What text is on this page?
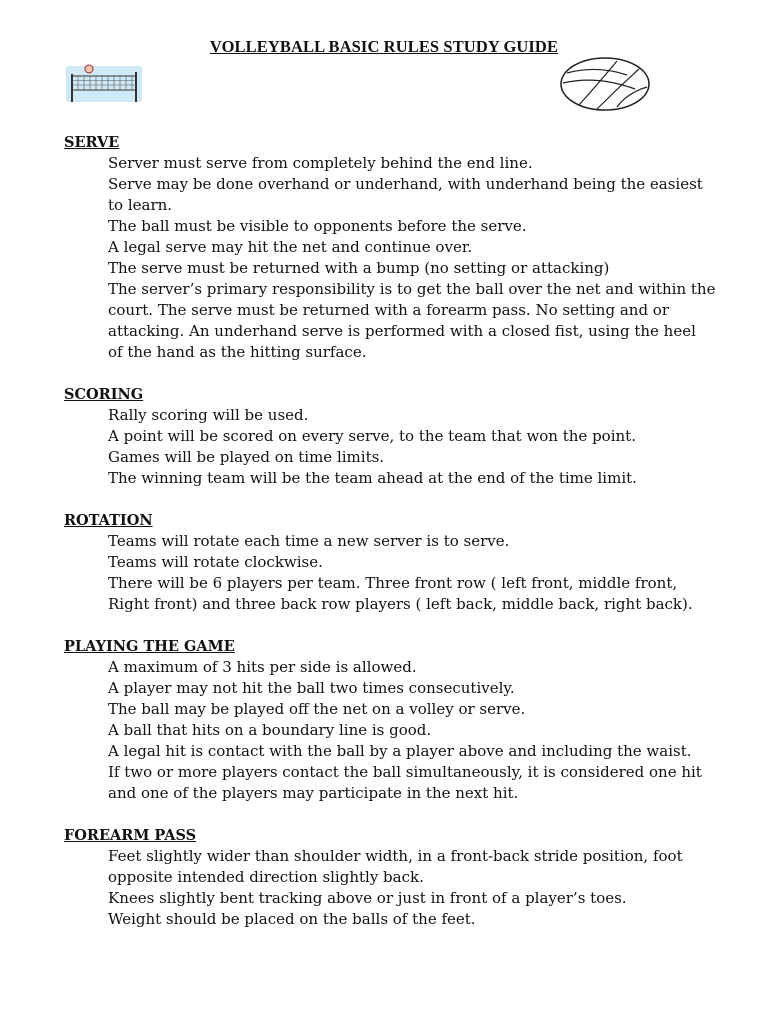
VOLLEYBALL BASIC RULES STUDY GUIDE
SERVE
Server must serve from completely behind the end line.
Serve may be done overhand or underhand, with underhand being the easiest
to learn.
The ball must be visible to opponents before the serve.
A legal serve may hit the net and continue over.
The serve must be returned with a bump (no setting or attacking)
The server’s primary responsibility is to get the ball over the net and within the
court. The serve must be returned with a forearm pass. No setting and or
attacking. An underhand serve is performed with a closed fist, using the heel
of the hand as the hitting surface.
SCORING
Rally scoring will be used.
A point will be scored on every serve, to the team that won the point.
Games will be played on time limits.
The winning team will be the team ahead at the end of the time limit.
ROTATION
Teams will rotate each time a new server is to serve.
Teams will rotate clockwise.
There will be 6 players per team. Three front row ( left front, middle front,
Right front) and three back row players ( left back, middle back, right back).
PLAYING THE GAME
A maximum of 3 hits per side is allowed.
A player may not hit the ball two times consecutively.
The ball may be played off the net on a volley or serve.
A ball that hits on a boundary line is good.
A legal hit is contact with the ball by a player above and including the waist.
If two or more players contact the ball simultaneously, it is considered one hit
and one of the players may participate in the next hit.
FOREARM PASS
Feet slightly wider than shoulder width, in a front-back stride position, foot
opposite intended direction slightly back.
Knees slightly bent tracking above or just in front of a player’s toes.
Weight should be placed on the balls of the feet.
